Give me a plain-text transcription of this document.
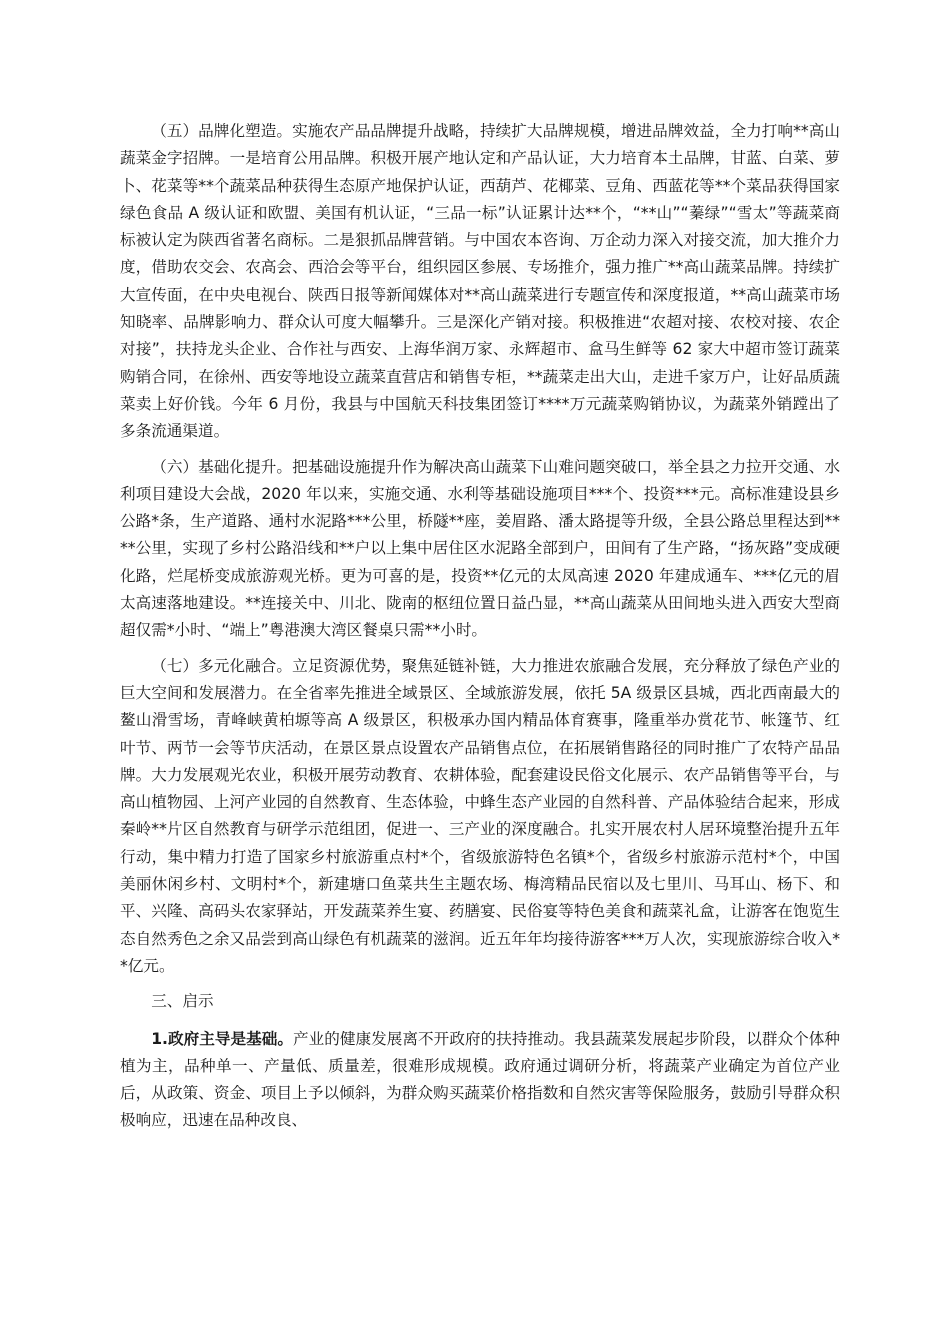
（五）品牌化塑造。实施农产品品牌提升战略，持续扩大品牌规模，增进品牌效益，全力打响**高山蔬菜金字招牌。一是培育公用品牌。积极开展产地认定和产品认证，大力培育本土品牌，甘蓝、白菜、萝卜、花菜等**个蔬菜品种获得生态原产地保护认证，西葫芦、花椰菜、豆角、西蓝花等**个菜品获得国家绿色食品 A 级认证和欧盟、美国有机认证，“三品一标”认证累计达**个，“**山”“蓁绿”“雪太”等蔬菜商标被认定为陕西省著名商标。二是狠抓品牌营销。与中国农本咨询、万企动力深入对接交流，加大推介力度，借助农交会、农高会、西洽会等平台，组织园区参展、专场推介，强力推广**高山蔬菜品牌。持续扩大宣传面，在中央电视台、陕西日报等新闻媒体对**高山蔬菜进行专题宣传和深度报道，**高山蔬菜市场知晓率、品牌影响力、群众认可度大幅攀升。三是深化产销对接。积极推进“农超对接、农校对接、农企对接”，扶持龙头企业、合作社与西安、上海华润万家、永辉超市、盒马生鲜等 62 家大中超市签订蔬菜购销合同，在徐州、西安等地设立蔬菜直营店和销售专柜，**蔬菜走出大山，走进千家万户，让好品质蔬菜卖上好价钱。今年 6 月份，我县与中国航天科技集团签订****万元蔬菜购销协议，为蔬菜外销蹚出了多条流通渠道。

（六）基础化提升。把基础设施提升作为解决高山蔬菜下山难问题突破口，举全县之力拉开交通、水利项目建设大会战，2020 年以来，实施交通、水利等基础设施项目***个、投资***元。高标准建设县乡公路*条，生产道路、通村水泥路***公里，桥隧**座，姜眉路、潘太路提等升级，全县公路总里程达到****公里，实现了乡村公路沿线和**户以上集中居住区水泥路全部到户，田间有了生产路，“扬灰路”变成硬化路，烂尾桥变成旅游观光桥。更为可喜的是，投资**亿元的太凤高速 2020 年建成通车、***亿元的眉太高速落地建设。**连接关中、川北、陇南的枢纽位置日益凸显，**高山蔬菜从田间地头进入西安大型商超仅需*小时、“端上”粤港澳大湾区餐桌只需**小时。

（七）多元化融合。立足资源优势，聚焦延链补链，大力推进农旅融合发展，充分释放了绿色产业的巨大空间和发展潜力。在全省率先推进全域景区、全域旅游发展，依托 5A 级景区县城，西北西南最大的鳌山滑雪场，青峰峡黄柏塬等高 A 级景区，积极承办国内精品体育赛事，隆重举办赏花节、帐篷节、红叶节、两节一会等节庆活动，在景区景点设置农产品销售点位，在拓展销售路径的同时推广了农特产品品牌。大力发展观光农业，积极开展劳动教育、农耕体验，配套建设民俗文化展示、农产品销售等平台，与高山植物园、上河产业园的自然教育、生态体验，中蜂生态产业园的自然科普、产品体验结合起来，形成秦岭**片区自然教育与研学示范组团，促进一、三产业的深度融合。扎实开展农村人居环境整治提升五年行动，集中精力打造了国家乡村旅游重点村*个，省级旅游特色名镇*个，省级乡村旅游示范村*个，中国美丽休闲乡村、文明村*个，新建塘口鱼菜共生主题农场、梅湾精品民宿以及七里川、马耳山、杨下、和平、兴隆、高码头农家驿站，开发蔬菜养生宴、药膳宴、民俗宴等特色美食和蔬菜礼盒，让游客在饱览生态自然秀色之余又品尝到高山绿色有机蔬菜的滋润。近五年年均接待游客***万人次，实现旅游综合收入**亿元。

三、启示

1.政府主导是基础。产业的健康发展离不开政府的扶持推动。我县蔬菜发展起步阶段，以群众个体种植为主，品种单一、产量低、质量差，很难形成规模。政府通过调研分析，将蔬菜产业确定为首位产业后，从政策、资金、项目上予以倾斜，为群众购买蔬菜价格指数和自然灾害等保险服务，鼓励引导群众积极响应，迅速在品种改良、
